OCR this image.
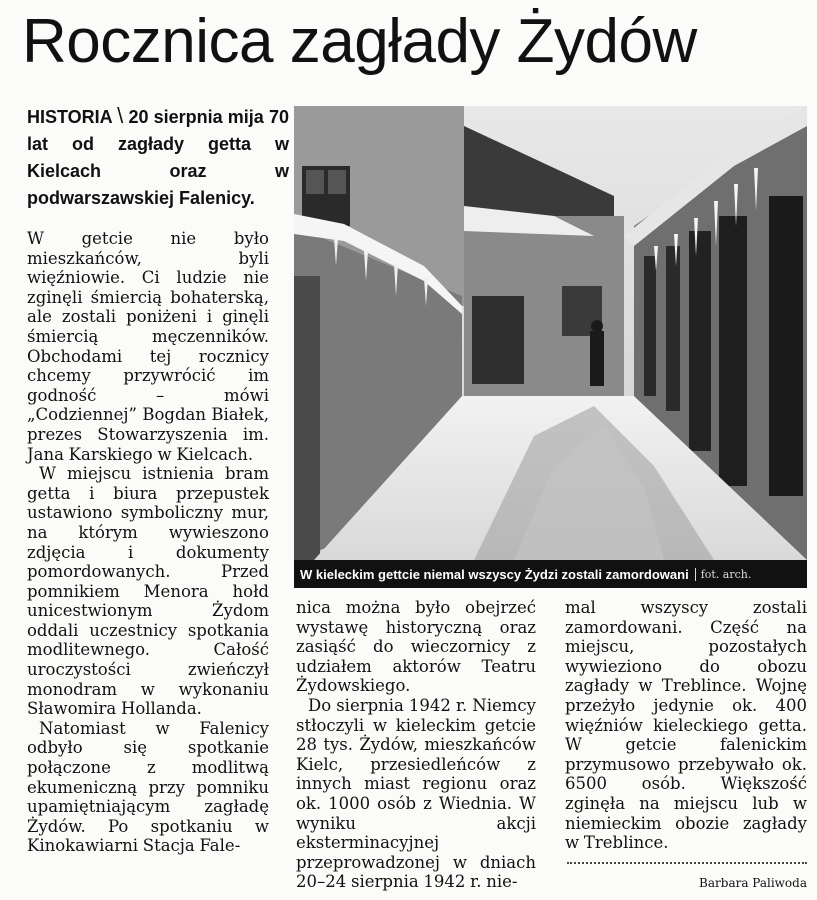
Rocznica zagłady Żydów
HISTORIA \ 20 sierpnia mija 70 lat od zagłady getta w Kielcach oraz w podwarszawskiej Falenicy.
W kieleckim gettcie niemal wszyscy Żydzi zostali zamordowani	fot. arch.

W getcie nie było mieszkańców, byli więźniowie. Ci ludzie nie zginęli śmiercią bohaterską, ale zostali poniżeni i ginęli śmiercią męczenników. Obchodami tej rocznicy chcemy przywrócić im godność – mówi „Codziennej” Bogdan Białek, prezes Stowarzyszenia im. Jana Karskiego w Kielcach.

W miejscu istnienia bram getta i biura przepustek ustawiono symboliczny mur, na którym wywieszono zdjęcia i dokumenty pomordowanych. Przed pomnikiem Menora hołd unicestwionym Żydom oddali uczestnicy spotkania modlitewnego. Całość uroczystości zwieńczył monodram w wykonaniu Sławomira Hollanda.

Natomiast w Falenicy odbyło się spotkanie połączone z modlitwą ekumeniczną przy pomniku upamiętniającym zagładę Żydów. Po spotkaniu w Kinokawiarni Stacja Fale-

nica można było obejrzeć wystawę historyczną oraz zasiąść do wieczornicy z udziałem aktorów Teatru Żydowskiego.

Do sierpnia 1942 r. Niemcy stłoczyli w kieleckim getcie 28 tys. Żydów, mieszkańców Kielc, przesiedleńców z innych miast regionu oraz ok. 1000 osób z Wiednia. W wyniku akcji eksterminacyjnej przeprowadzonej w dniach 20–24 sierpnia 1942 r. nie-

mal wszyscy zostali zamordowani. Część na miejscu, pozostałych wywieziono do obozu zagłady w Treblince. Wojnę przeżyło jedynie ok. 400 więźniów kieleckiego getta. W getcie falenickim przymusowo przebywało ok. 6500 osób. Większość zginęła na miejscu lub w niemieckim obozie zagłady w Treblince.

Barbara Paliwoda
